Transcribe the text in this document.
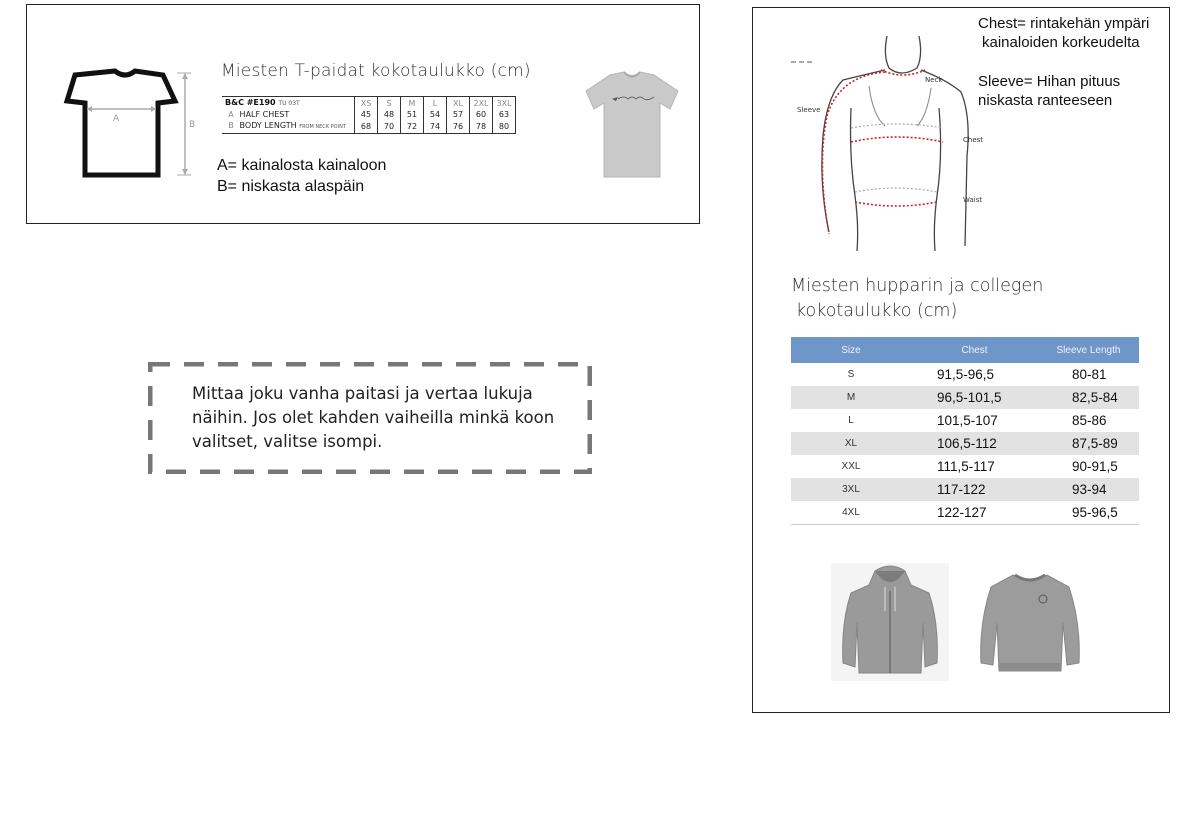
A
B
Miesten T-paidat kokotaulukko (cm)
B&C #E190 TU 03T	XS	S	M	L	XL	2XL	3XL
A HALF CHEST	45	48	51	54	57	60	63
B BODY LENGTH FROM NECK POINT	68	70	72	74	76	78	80
A= kainalosta kainaloon
B= niskasta alaspäin
Mittaa joku vanha paitasi ja vertaa lukuja näihin. Jos olet kahden vaiheilla minkä koon valitset, valitse isompi.
Neck
Chest
Waist
Sleeve
Chest= rintakehän ympäri
kainaloiden korkeudelta
Sleeve= Hihan pituus
niskasta ranteeseen
Miesten hupparin ja collegen
kokotaulukko (cm)
Size	Chest	Sleeve Length
S	91,5-96,5	80-81
M	96,5-101,5	82,5-84
L	101,5-107	85-86
XL	106,5-112	87,5-89
XXL	111,5-117	90-91,5
3XL	117-122	93-94
4XL	122-127	95-96,5
